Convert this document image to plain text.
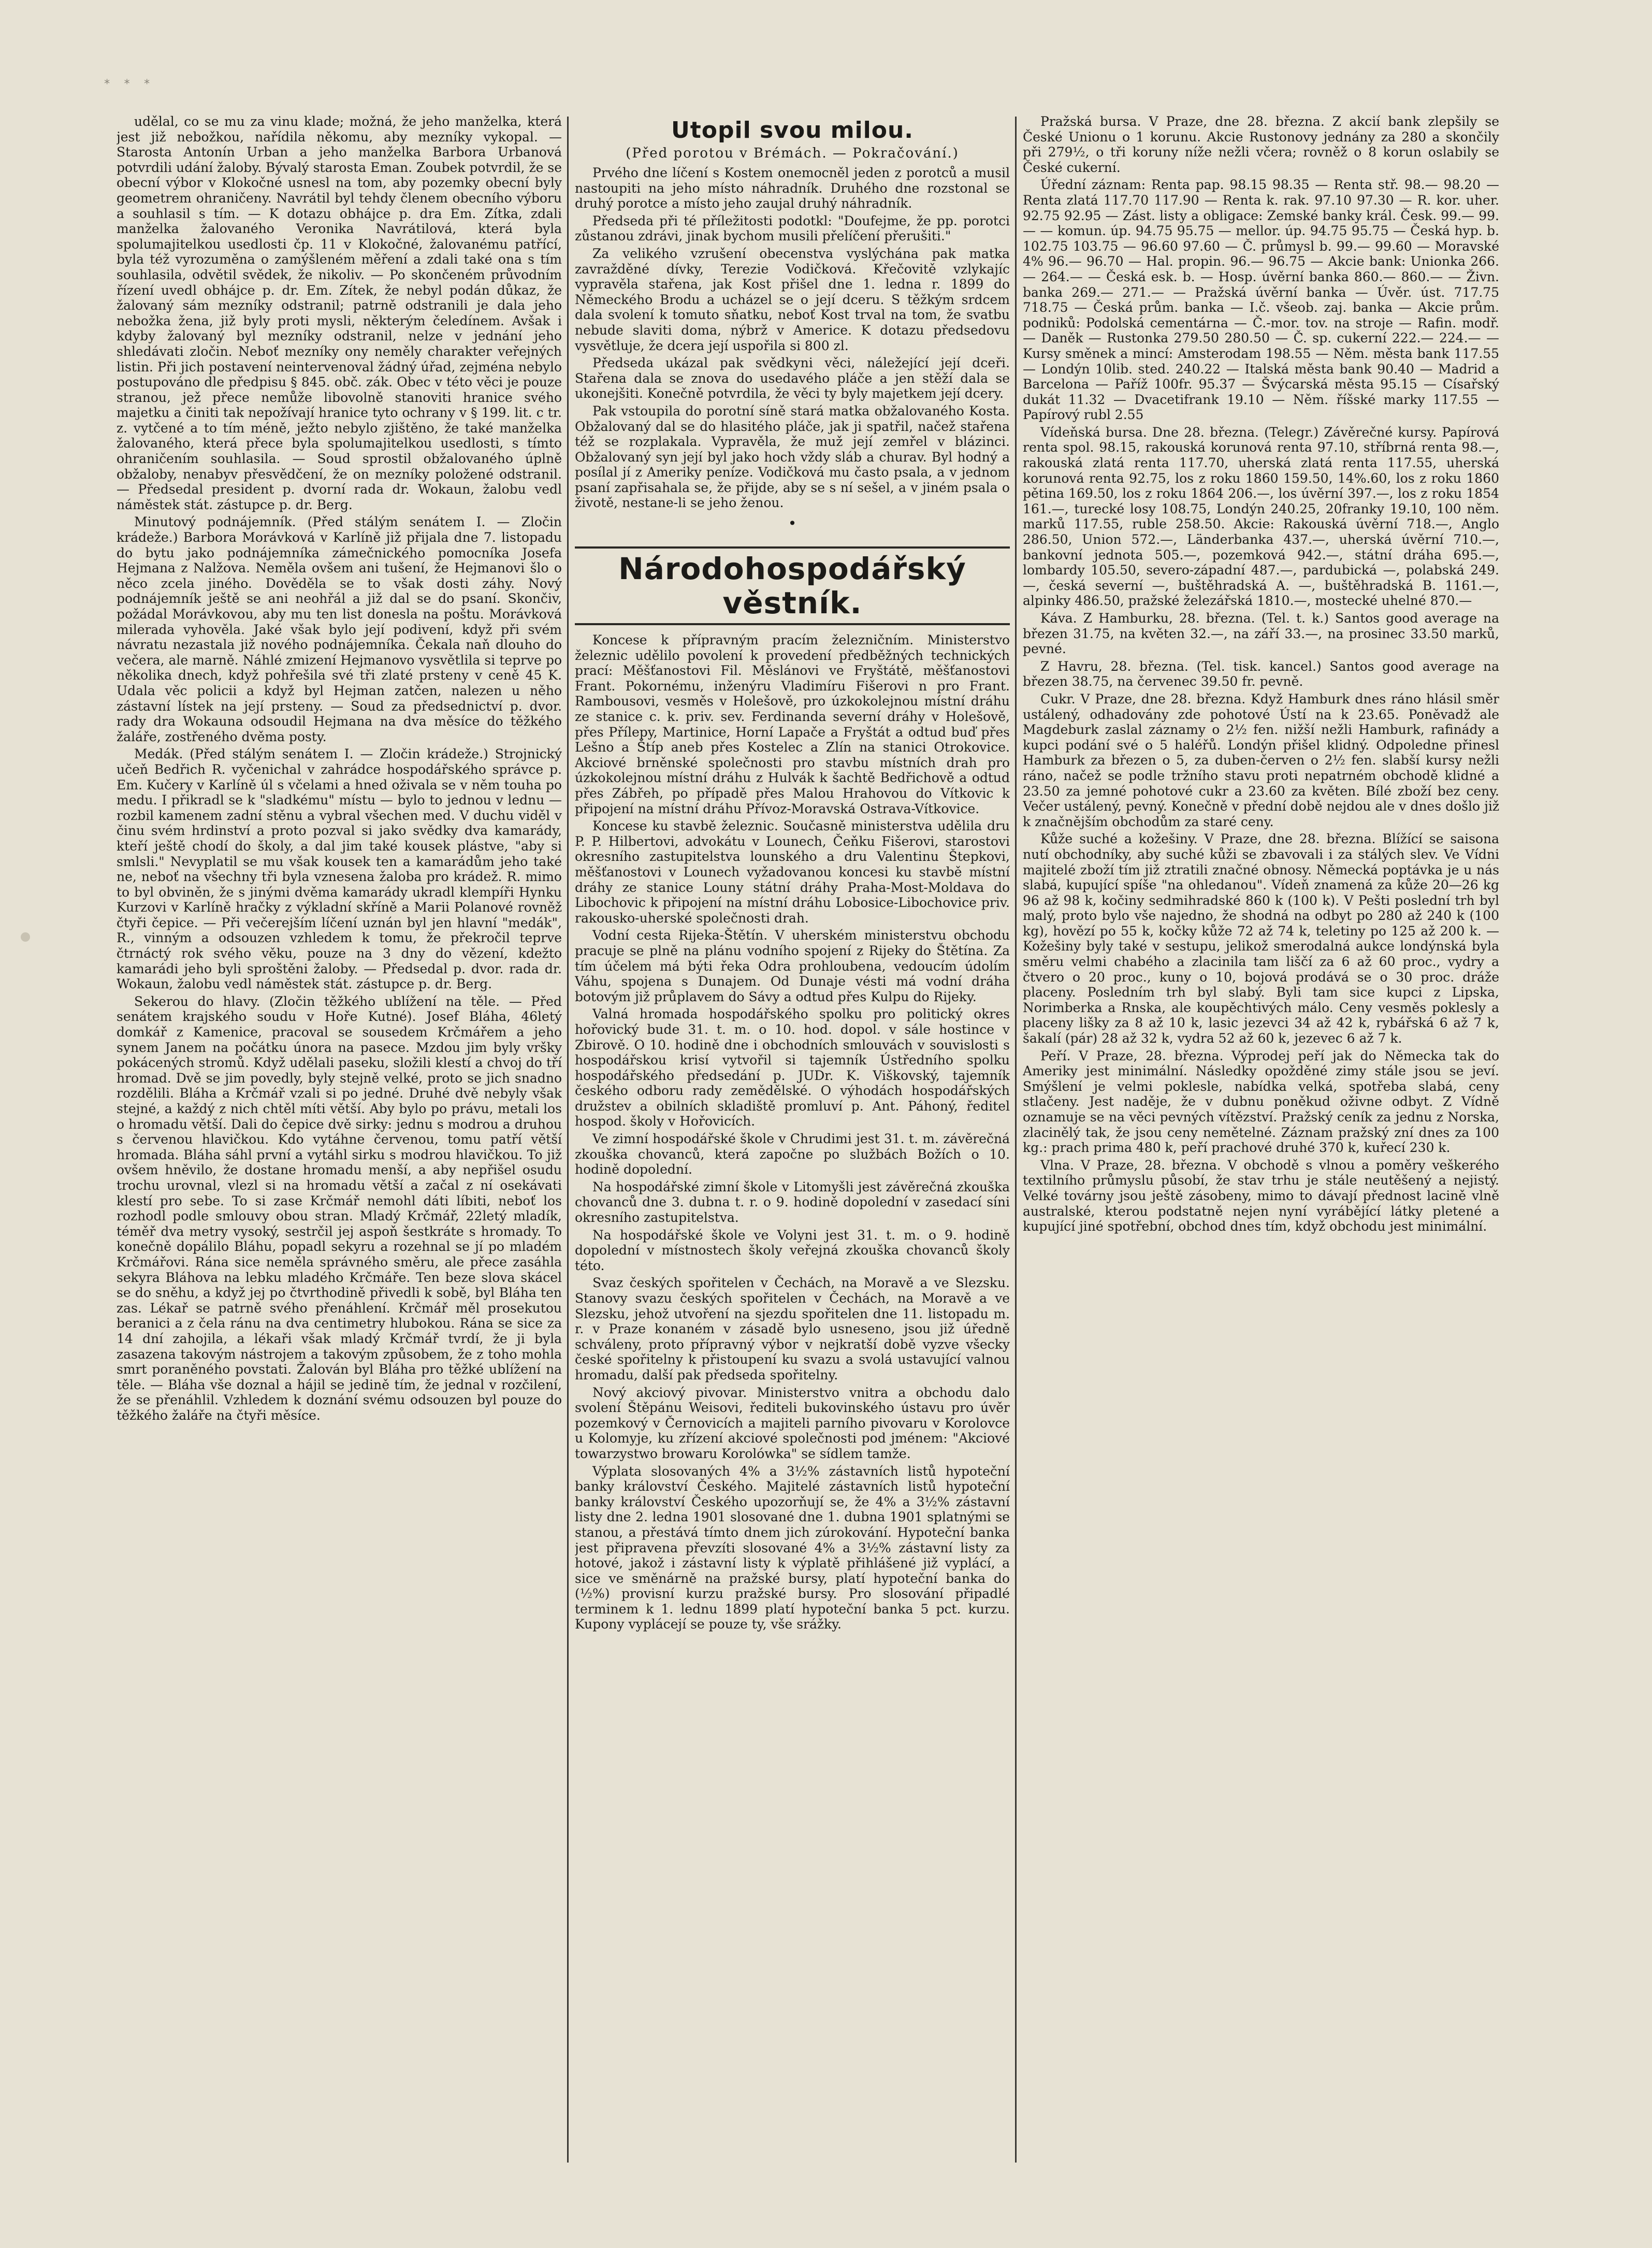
* * *

udělal, co se mu za vinu klade; možná, že jeho manželka, která jest již nebožkou, nařídila někomu, aby mezníky vykopal. — Starosta Antonín Urban a jeho manželka Barbora Urbanová potvrdili udání žaloby. Bývalý starosta Eman. Zoubek potvrdil, že se obecní výbor v Klokočné usnesl na tom, aby pozemky obecní byly geometrem ohraničeny. Navrátil byl tehdy členem obecního výboru a souhlasil s tím. — K dotazu obhájce p. dra Em. Zítka, zdali manželka žalovaného Veronika Navrátilová, která byla spolumajitelkou usedlosti čp. 11 v Klokočné, žalovanému patřící, byla též vyrozuměna o zamýšleném měření a zdali také ona s tím souhlasila, odvětil svědek, že nikoliv. — Po skončeném průvodním řízení uvedl obhájce p. dr. Em. Zítek, že nebyl podán důkaz, že žalovaný sám mezníky odstranil; patrně odstranili je dala jeho nebožka žena, již byly proti mysli, některým čeledínem. Avšak i kdyby žalovaný byl mezníky odstranil, nelze v jednání jeho shledávati zločin. Neboť mezníky ony neměly charakter veřejných listin. Při jich postavení neintervenoval žádný úřad, zejména nebylo postupováno dle předpisu § 845. obč. zák. Obec v této věci je pouze stranou, jež přece nemůže libovolně stanoviti hranice svého majetku a činiti tak nepožívají hranice tyto ochrany v § 199. lit. c tr. z. vytčené a to tím méně, ježto nebylo zjištěno, že také manželka žalovaného, která přece byla spolumajitelkou usedlosti, s tímto ohraničením souhlasila. — Soud sprostil obžalovaného úplně obžaloby, nenabyv přesvědčení, že on mezníky položené odstranil. — Předsedal president p. dvorní rada dr. Wokaun, žalobu vedl náměstek stát. zástupce p. dr. Berg.

Minutový podnájemník. (Před stálým senátem I. — Zločin krádeže.) Barbora Morávková v Karlíně již přijala dne 7. listopadu do bytu jako podnájemníka zámečnického pomocníka Josefa Hejmana z Nalžova. Neměla ovšem ani tušení, že Hejmanovi šlo o něco zcela jiného. Dověděla se to však dosti záhy. Nový podnájemník ještě se ani neohřál a již dal se do psaní. Skončiv, požádal Morávkovou, aby mu ten list donesla na poštu. Morávková milerada vyhověla. Jaké však bylo její podivení, když při svém návratu nezastala již nového podnájemníka. Čekala naň dlouho do večera, ale marně. Náhlé zmizení Hejmanovo vysvětlila si teprve po několika dnech, když pohřešila své tři zlaté prsteny v ceně 45 K. Udala věc policii a když byl Hejman zatčen, nalezen u něho zástavní lístek na její prsteny. — Soud za předsednictví p. dvor. rady dra Wokauna odsoudil Hejmana na dva měsíce do těžkého žaláře, zostřeného dvěma posty.

Medák. (Před stálým senátem I. — Zločin krádeže.) Strojnický učeň Bedřich R. vyčenichal v zahrádce hospodářského správce p. Em. Kučery v Karlíně úl s včelami a hned oživala se v něm touha po medu. I přikradl se k "sladkému" místu — bylo to jednou v lednu — rozbil kamenem zadní stěnu a vybral všechen med. V duchu viděl v činu svém hrdinství a proto pozval si jako svědky dva kamarády, kteří ještě chodí do školy, a dal jim také kousek plástve, "aby si smlsli." Nevyplatil se mu však kousek ten a kamarádům jeho také ne, neboť na všechny tři byla vznesena žaloba pro krádež. R. mimo to byl obviněn, že s jinými dvěma kamarády ukradl klempíři Hynku Kurzovi v Karlíně hračky z výkladní skříně a Marii Polanové rovněž čtyři čepice. — Při večerejším líčení uznán byl jen hlavní "medák", R., vinným a odsouzen vzhledem k tomu, že překročil teprve čtrnáctý rok svého věku, pouze na 3 dny do vězení, kdežto kamarádi jeho byli sproštěni žaloby. — Předsedal p. dvor. rada dr. Wokaun, žalobu vedl náměstek stát. zástupce p. dr. Berg.

Sekerou do hlavy. (Zločin těžkého ublížení na těle. — Před senátem krajského soudu v Hoře Kutné). Josef Bláha, 46letý domkář z Kamenice, pracoval se sousedem Krčmářem a jeho synem Janem na počátku února na pasece. Mzdou jim byly vršky pokácených stromů. Když udělali paseku, složili klestí a chvoj do tří hromad. Dvě se jim povedly, byly stejně velké, proto se jich snadno rozdělili. Bláha a Krčmář vzali si po jedné. Druhé dvě nebyly však stejné, a každý z nich chtěl míti větší. Aby bylo po právu, metali los o hromadu větší. Dali do čepice dvě sirky: jednu s modrou a druhou s červenou hlavičkou. Kdo vytáhne červenou, tomu patří větší hromada. Bláha sáhl první a vytáhl sirku s modrou hlavičkou. To již ovšem hněvilo, že dostane hromadu menší, a aby nepřišel osudu trochu urovnal, vlezl si na hromadu větší a začal z ní osekávati klestí pro sebe. To si zase Krčmář nemohl dáti líbiti, neboť los rozhodl podle smlouvy obou stran. Mladý Krčmář, 22letý mladík, téměř dva metry vysoký, sestrčil jej aspoň šestkráte s hromady. To konečně dopálilo Bláhu, popadl sekyru a rozehnal se jí po mladém Krčmářovi. Rána sice neměla správného směru, ale přece zasáhla sekyra Bláhova na lebku mladého Krčmáře. Ten beze slova skácel se do sněhu, a když jej po čtvrthodině přivedli k sobě, byl Bláha ten zas. Lékař se patrně svého přenáhlení. Krčmář měl prosekutou beranici a z čela ránu na dva centimetry hlubokou. Rána se sice za 14 dní zahojila, a lékaři však mladý Krčmář tvrdí, že ji byla zasazena takovým nástrojem a takovým způsobem, že z toho mohla smrt poraněného povstati. Žalován byl Bláha pro těžké ublížení na těle. — Bláha vše doznal a hájil se jedině tím, že jednal v rozčilení, že se přenáhlil. Vzhledem k doznání svému odsouzen byl pouze do těžkého žaláře na čtyři měsíce.

Utopil svou milou.
(Před porotou v Brémách. — Pokračování.)

Prvého dne líčení s Kostem onemocněl jeden z porotců a musil nastoupiti na jeho místo náhradník. Druhého dne rozstonal se druhý porotce a místo jeho zaujal druhý náhradník.

Předseda při té příležitosti podotkl: "Doufejme, že pp. porotci zůstanou zdrávi, jinak bychom musili přelíčení přerušiti."

Za velikého vzrušení obecenstva vyslýchána pak matka zavražděné dívky, Terezie Vodičková. Křečovitě vzlykajíc vypravěla stařena, jak Kost přišel dne 1. ledna r. 1899 do Německého Brodu a ucházel se o její dceru. S těžkým srdcem dala svolení k tomuto sňatku, neboť Kost trval na tom, že svatbu nebude slaviti doma, nýbrž v Americe. K dotazu předsedovu vysvětluje, že dcera její uspořila si 800 zl.

Předseda ukázal pak svědkyni věci, náležející její dceři. Stařena dala se znova do usedavého pláče a jen stěží dala se ukonejšiti. Konečně potvrdila, že věci ty byly majetkem její dcery.

Pak vstoupila do porotní síně stará matka obžalovaného Kosta. Obžalovaný dal se do hlasitého pláče, jak ji spatřil, načež stařena též se rozplakala. Vypravěla, že muž její zemřel v blázinci. Obžalovaný syn její byl jako hoch vždy sláb a churav. Byl hodný a posílal jí z Ameriky peníze. Vodičková mu často psala, a v jednom psaní zapřisahala se, že přijde, aby se s ní sešel, a v jiném psala o životě, nestane-li se jeho ženou.

•
Národohospodářský věstník.

Koncese k přípravným pracím železničním. Ministerstvo železnic udělilo povolení k provedení předběžných technických prací: Měšťanostovi Fil. Měslánovi ve Fryštátě, měšťanostovi Frant. Pokornému, inženýru Vladimíru Fišerovi n pro Frant. Rambousovi, vesměs v Holešově, pro úzkokolejnou místní dráhu ze stanice c. k. priv. sev. Ferdinanda severní dráhy v Holešově, přes Přílepy, Martinice, Horní Lapače a Fryštát a odtud buď přes Lešno a Štíp aneb přes Kostelec a Zlín na stanici Otrokovice. Akciové brněnské společnosti pro stavbu místních drah pro úzkokolejnou místní dráhu z Hulvák k šachtě Bedřichově a odtud přes Zábřeh, po případě přes Malou Hrahovou do Vítkovic k připojení na místní dráhu Přívoz-Moravská Ostrava-Vítkovice.

Koncese ku stavbě železnic. Současně ministerstva udělila dru P. P. Hilbertovi, advokátu v Lounech, Čeňku Fišerovi, starostovi okresního zastupitelstva lounského a dru Valentinu Štepkovi, měšťanostovi v Lounech vyžadovanou koncesi ku stavbě místní dráhy ze stanice Louny státní dráhy Praha-Most-Moldava do Libochovic k připojení na místní dráhu Lobosice-Libochovice priv. rakousko-uherské společnosti drah.

Vodní cesta Rijeka-Štětín. V uherském ministerstvu obchodu pracuje se plně na plánu vodního spojení z Rijeky do Štětína. Za tím účelem má býti řeka Odra prohloubena, vedoucím údolím Váhu, spojena s Dunajem. Od Dunaje vésti má vodní dráha botovým již průplavem do Sávy a odtud přes Kulpu do Rijeky.

Valná hromada hospodářského spolku pro politický okres hořovický bude 31. t. m. o 10. hod. dopol. v sále hostince v Zbirově. O 10. hodině dne i obchodních smlouvách v souvislosti s hospodářskou krisí vytvořil si tajemník Ústředního spolku hospodářského předsedání p. JUDr. K. Viškovský, tajemník českého odboru rady zemědělské. O výhodách hospodářských družstev a obilních skladiště promluví p. Ant. Páhoný, ředitel hospod. školy v Hořovicích.

Ve zimní hospodářské škole v Chrudimi jest 31. t. m. závěrečná zkouška chovanců, která započne po službách Božích o 10. hodině dopolední.

Na hospodářské zimní škole v Litomyšli jest závěrečná zkouška chovanců dne 3. dubna t. r. o 9. hodině dopolední v zasedací síni okresního zastupitelstva.

Na hospodářské škole ve Volyni jest 31. t. m. o 9. hodině dopolední v místnostech školy veřejná zkouška chovanců školy této.

Svaz českých spořitelen v Čechách, na Moravě a ve Slezsku. Stanovy svazu českých spořitelen v Čechách, na Moravě a ve Slezsku, jehož utvoření na sjezdu spořitelen dne 11. listopadu m. r. v Praze konaném v zásadě bylo usneseno, jsou již úředně schváleny, proto přípravný výbor v nejkratší době vyzve všecky české spořitelny k přistoupení ku svazu a svolá ustavující valnou hromadu, další pak předseda spořitelny.

Nový akciový pivovar. Ministerstvo vnitra a obchodu dalo svolení Štěpánu Weisovi, řediteli bukovinského ústavu pro úvěr pozemkový v Černovicích a majiteli parního pivovaru v Korolovce u Kolomyje, ku zřízení akciové společnosti pod jménem: "Akciové towarzystwo browaru Korolówka" se sídlem tamže.

Výplata slosovaných 4% a 3½% zástavních listů hypoteční banky království Českého. Majitelé zástavních listů hypoteční banky království Českého upozorňují se, že 4% a 3½% zástavní listy dne 2. ledna 1901 slosované dne 1. dubna 1901 splatnými se stanou, a přestává tímto dnem jich zúrokování. Hypoteční banka jest připravena převzíti slosované 4% a 3½% zástavní listy za hotové, jakož i zástavní listy k výplatě přihlášené již vyplácí, a sice ve směnárně na pražské bursy, platí hypoteční banka do (½%) provisní kurzu pražské bursy. Pro slosování připadlé terminem k 1. lednu 1899 platí hypoteční banka 5 pct. kurzu. Kupony vyplácejí se pouze ty, vše srážky.

Pražská bursa. V Praze, dne 28. března. Z akcií bank zlepšily se České Unionu o 1 korunu. Akcie Rustonovy jednány za 280 a skončily při 279½, o tři koruny níže nežli včera; rovněž o 8 korun oslabily se České cukerní.

Úřední záznam: Renta pap. 98.15 98.35 — Renta stř. 98.— 98.20 — Renta zlatá 117.70 117.90 — Renta k. rak. 97.10 97.30 — R. kor. uher. 92.75 92.95 — Zást. listy a obligace: Zemské banky král. Česk. 99.— 99.— — komun. úp. 94.75 95.75 — mellor. úp. 94.75 95.75 — Česká hyp. b. 102.75 103.75 — 96.60 97.60 — Č. průmysl b. 99.— 99.60 — Moravské 4% 96.— 96.70 — Hal. propin. 96.— 96.75 — Akcie bank: Unionka 266.— 264.— — Česká esk. b. — Hosp. úvěrní banka 860.— 860.— — Živn. banka 269.— 271.— — Pražská úvěrní banka — Úvěr. úst. 717.75 718.75 — Česká prům. banka — I.č. všeob. zaj. banka — Akcie prům. podniků: Podolská cementárna — Č.-mor. tov. na stroje — Rafin. modř. — Daněk — Rustonka 279.50 280.50 — Č. sp. cukerní 222.— 224.— — Kursy směnek a mincí: Amsterodam 198.55 — Něm. města bank 117.55 — Londýn 10lib. sted. 240.22 — Italská města bank 90.40 — Madrid a Barcelona — Paříž 100fr. 95.37 — Švýcarská města 95.15 — Císařský dukát 11.32 — Dvacetifrank 19.10 — Něm. říšské marky 117.55 — Papírový rubl 2.55

Vídeňská bursa. Dne 28. března. (Telegr.) Závěrečné kursy. Papírová renta spol. 98.15, rakouská korunová renta 97.10, stříbrná renta 98.—, rakouská zlatá renta 117.70, uherská zlatá renta 117.55, uherská korunová renta 92.75, los z roku 1860 159.50, 14%.60, los z roku 1860 pětina 169.50, los z roku 1864 206.—, los úvěrní 397.—, los z roku 1854 161.—, turecké losy 108.75, Londýn 240.25, 20franky 19.10, 100 něm. marků 117.55, ruble 258.50. Akcie: Rakouská úvěrní 718.—, Anglo 286.50, Union 572.—, Länderbanka 437.—, uherská úvěrní 710.—, bankovní jednota 505.—, pozemková 942.—, státní dráha 695.—, lombardy 105.50, severo-západní 487.—, pardubická —, polabská 249.—, česká severní —, buštěhradská A. —, buštěhradská B. 1161.—, alpinky 486.50, pražské železářská 1810.—, mostecké uhelné 870.—

Káva. Z Hamburku, 28. března. (Tel. t. k.) Santos good average na březen 31.75, na květen 32.—, na září 33.—, na prosinec 33.50 marků, pevné.

Z Havru, 28. března. (Tel. tisk. kancel.) Santos good average na březen 38.75, na červenec 39.50 fr. pevně.

Cukr. V Praze, dne 28. března. Když Hamburk dnes ráno hlásil směr ustálený, odhadovány zde pohotové Ústí na k 23.65. Poněvadž ale Magdeburk zaslal záznamy o 2½ fen. nižší nežli Hamburk, rafinády a kupci podání své o 5 haléřů. Londýn přišel klidný. Odpoledne přinesl Hamburk za březen o 5, za duben-červen o 2½ fen. slabší kursy nežli ráno, načež se podle tržního stavu proti nepatrném obchodě klidné a 23.50 za jemné pohotové cukr a 23.60 za květen. Bílé zboží bez ceny. Večer ustálený, pevný. Konečně v přední době nejdou ale v dnes došlo již k značnějším obchodům za staré ceny.

Kůže suché a kožešiny. V Praze, dne 28. března. Blížící se saisona nutí obchodníky, aby suché kůži se zbavovali i za stálých slev. Ve Vídni majitelé zboží tím již ztratili značné obnosy. Německá poptávka je u nás slabá, kupující spíše "na ohledanou". Vídeň znamená za kůže 20—26 kg 96 až 98 k, kočiny sedmihradské 860 k (100 k). V Pešti poslední trh byl malý, proto bylo vše najedno, že shodná na odbyt po 280 až 240 k (100 kg), hovězí po 55 k, kočky kůže 72 až 74 k, teletiny po 125 až 200 k. — Kožešiny byly také v sestupu, jelikož smerodalná aukce londýnská byla směru velmi chabého a zlacinila tam liščí za 6 až 60 proc., vydry a čtvero o 20 proc., kuny o 10, bojová prodává se o 30 proc. dráže placeny. Posledním trh byl slabý. Byli tam sice kupci z Lipska, Norimberka a Rnska, ale koupěchtivých málo. Ceny vesměs poklesly a placeny lišky za 8 až 10 k, lasic jezevci 34 až 42 k, rybářská 6 až 7 k, šakalí (pár) 28 až 32 k, vydra 52 až 60 k, jezevec 6 až 7 k.

Peří. V Praze, 28. března. Výprodej peří jak do Německa tak do Ameriky jest minimální. Následky opožděné zimy stále jsou se jeví. Smýšlení je velmi poklesle, nabídka velká, spotřeba slabá, ceny stlačeny. Jest naděje, že v dubnu poněkud oživne odbyt. Z Vídně oznamuje se na věci pevných vítězství. Pražský ceník za jednu z Norska, zlacinělý tak, že jsou ceny nemětelné. Záznam pražský zní dnes za 100 kg.: prach prima 480 k, peří prachové druhé 370 k, kuřecí 230 k.

Vlna. V Praze, 28. března. V obchodě s vlnou a poměry veškerého textilního průmyslu působí, že stav trhu je stále neutěšený a nejistý. Velké továrny jsou ještě zásobeny, mimo to dávají přednost lacině vlně australské, kterou podstatně nejen nyní vyrábějící látky pletené a kupující jiné spotřební, obchod dnes tím, když obchodu jest minimální.
